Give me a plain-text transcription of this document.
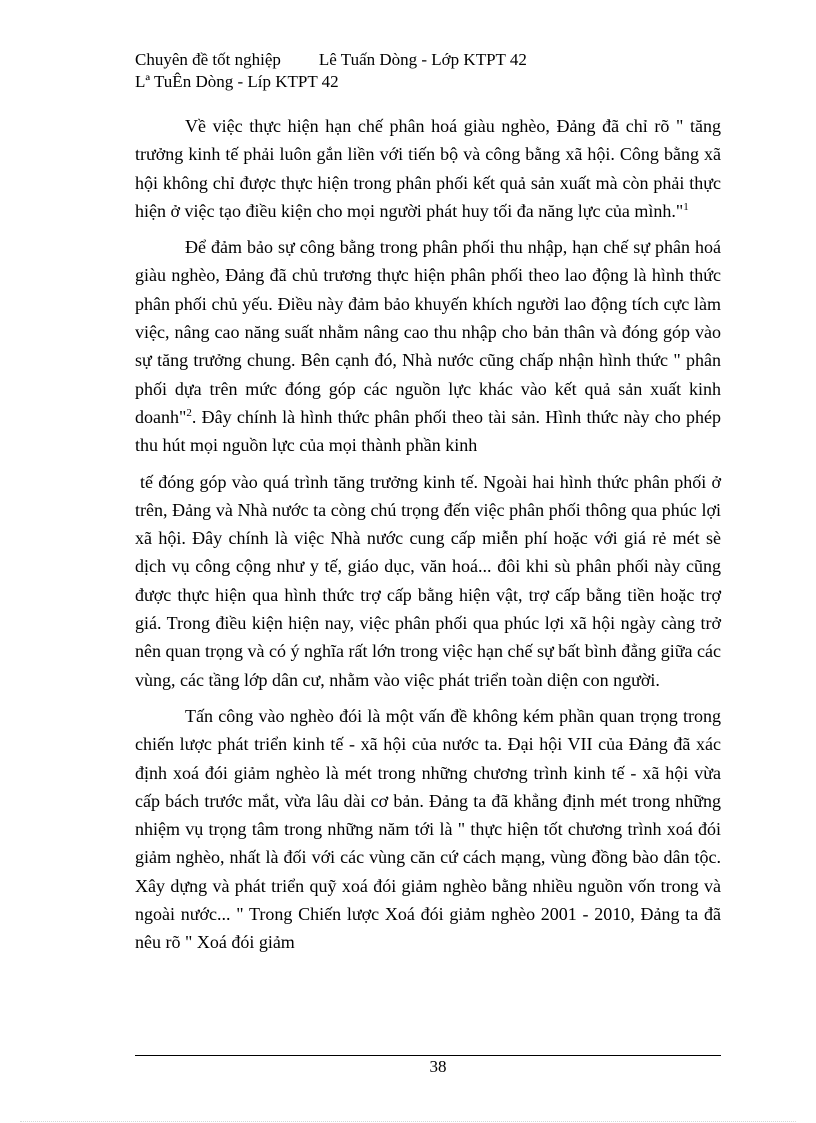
Chuyên đề tốt nghiệp Lê Tuấn Dòng - Lớp KTPT 42
Lª TuÊn Dòng - Líp KTPT 42

Về việc thực hiện hạn chế phân hoá giàu nghèo, Đảng đã chỉ rõ " tăng trưởng kinh tế phải luôn gắn liền với tiến bộ và công bằng xã hội. Công bằng xã hội không chỉ được thực hiện trong phân phối kết quả sản xuất mà còn phải thực hiện ở việc tạo điều kiện cho mọi người phát huy tối đa năng lực của mình."$^1$

Để đảm bảo sự công bằng trong phân phối thu nhập, hạn chế sự phân hoá giàu nghèo, Đảng đã chủ trương thực hiện phân phối theo lao động là hình thức phân phối chủ yếu. Điều này đảm bảo khuyến khích người lao động tích cực làm việc, nâng cao năng suất nhằm nâng cao thu nhập cho bản thân và đóng góp vào sự tăng trưởng chung. Bên cạnh đó, Nhà nước cũng chấp nhận hình thức " phân phối dựa trên mức đóng góp các nguồn lực khác vào kết quả sản xuất kinh doanh"$^2$. Đây chính là hình thức phân phối theo tài sản. Hình thức này cho phép thu hút mọi nguồn lực của mọi thành phần kinh

tế đóng góp vào quá trình tăng trưởng kinh tế. Ngoài hai hình thức phân phối ở trên, Đảng và Nhà nước ta còng chú trọng đến việc phân phối thông qua phúc lợi xã hội. Đây chính là việc Nhà nước cung cấp miễn phí hoặc với giá rẻ mét sè dịch vụ công cộng như y tế, giáo dục, văn hoá... đôi khi sù phân phối này cũng được thực hiện qua hình thức trợ cấp bằng hiện vật, trợ cấp bằng tiền hoặc trợ giá. Trong điều kiện hiện nay, việc phân phối qua phúc lợi xã hội ngày càng trở nên quan trọng và có ý nghĩa rất lớn trong việc hạn chế sự bất bình đẳng giữa các vùng, các tầng lớp dân cư, nhằm vào việc phát triển toàn diện con người.

Tấn công vào nghèo đói là một vấn đề không kém phần quan trọng trong chiến lược phát triển kinh tế - xã hội của nước ta. Đại hội VII của Đảng đã xác định xoá đói giảm nghèo là mét trong những chương trình kinh tế - xã hội vừa cấp bách trước mắt, vừa lâu dài cơ bản. Đảng ta đã khẳng định mét trong những nhiệm vụ trọng tâm trong những năm tới là " thực hiện tốt chương trình xoá đói giảm nghèo, nhất là đối với các vùng căn cứ cách mạng, vùng đồng bào dân tộc. Xây dựng và phát triển quỹ xoá đói giảm nghèo bằng nhiều nguồn vốn trong và ngoài nước... " Trong Chiến lược Xoá đói giảm nghèo 2001 - 2010, Đảng ta đã nêu rõ " Xoá đói giảm

38
